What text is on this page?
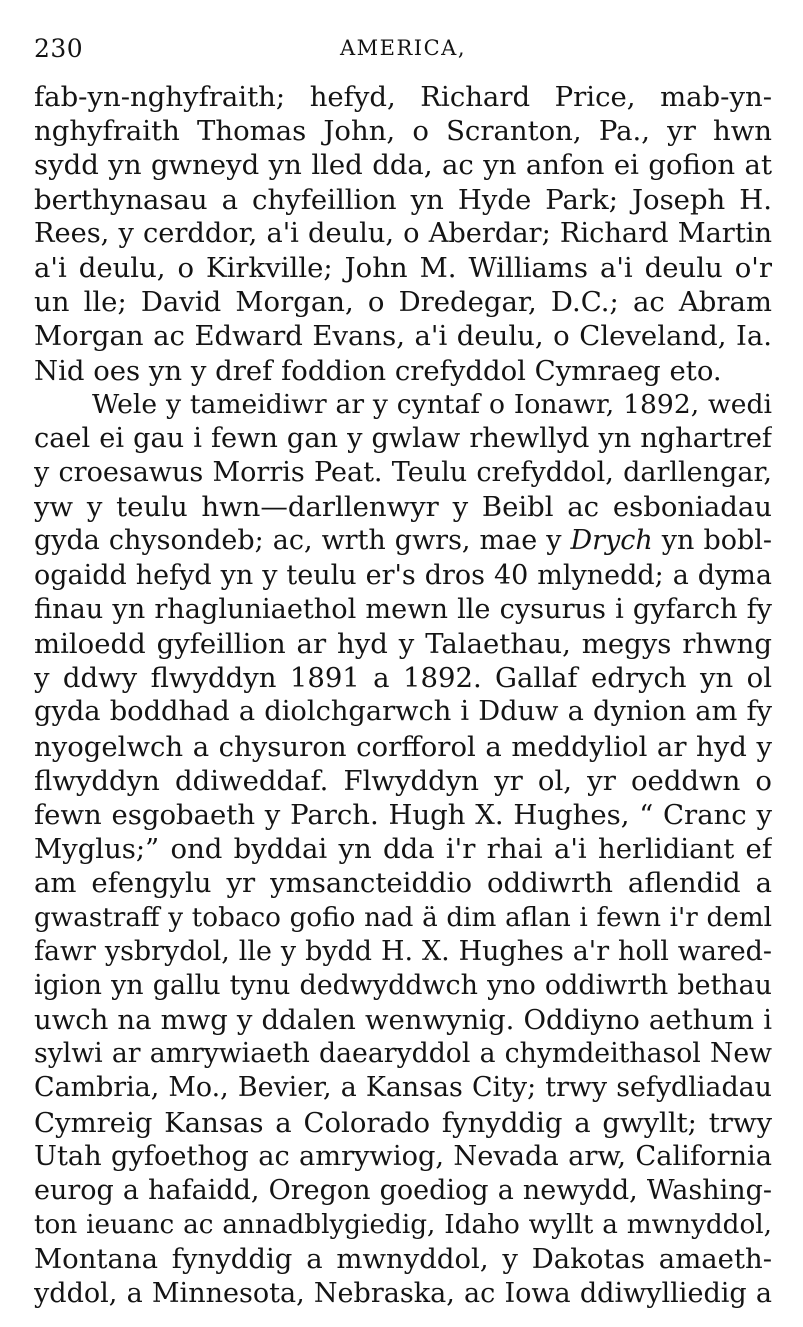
230	AMERICA,
fab-yn-nghyfraith; hefyd, Richard Price, mab-yn-
nghyfraith Thomas John, o Scranton, Pa., yr hwn
sydd yn gwneyd yn lled dda, ac yn anfon ei gofion at
berthynasau a chyfeillion yn Hyde Park; Joseph H.
Rees, y cerddor, a'i deulu, o Aberdar; Richard Martin
a'i deulu, o Kirkville; John M. Williams a'i deulu o'r
un lle; David Morgan, o Dredegar, D.C.; ac Abram
Morgan ac Edward Evans, a'i deulu, o Cleveland, Ia.
Nid oes yn y dref foddion crefyddol Cymraeg eto.
Wele y tameidiwr ar y cyntaf o Ionawr, 1892, wedi
cael ei gau i fewn gan y gwlaw rhewllyd yn nghartref
y croesawus Morris Peat. Teulu crefyddol, darllengar,
yw y teulu hwn—darllenwyr y Beibl ac esboniadau
gyda chysondeb; ac, wrth gwrs, mae y Drych yn bobl-
ogaidd hefyd yn y teulu er's dros 40 mlynedd; a dyma
finau yn rhagluniaethol mewn lle cysurus i gyfarch fy
miloedd gyfeillion ar hyd y Talaethau, megys rhwng
y ddwy flwyddyn 1891 a 1892. Gallaf edrych yn ol
gyda boddhad a diolchgarwch i Dduw a dynion am fy
nyogelwch a chysuron corfforol a meddyliol ar hyd y
flwyddyn ddiweddaf. Flwyddyn yr ol, yr oeddwn o
fewn esgobaeth y Parch. Hugh X. Hughes, “ Cranc y
Myglus;” ond byddai yn dda i'r rhai a'i herlidiant ef
am efengylu yr ymsancteiddio oddiwrth aflendid a
gwastraff y tobaco gofio nad ä dim aflan i fewn i'r deml
fawr ysbrydol, lle y bydd H. X. Hughes a'r holl wared-
igion yn gallu tynu dedwyddwch yno oddiwrth bethau
uwch na mwg y ddalen wenwynig. Oddiyno aethum i
sylwi ar amrywiaeth daearyddol a chymdeithasol New
Cambria, Mo., Bevier, a Kansas City; trwy sefydliadau
Cymreig Kansas a Colorado fynyddig a gwyllt; trwy
Utah gyfoethog ac amrywiog, Nevada arw, California
eurog a hafaidd, Oregon goediog a newydd, Washing-
ton ieuanc ac annadblygiedig, Idaho wyllt a mwnyddol,
Montana fynyddig a mwnyddol, y Dakotas amaeth-
yddol, a Minnesota, Nebraska, ac Iowa ddiwylliedig a
